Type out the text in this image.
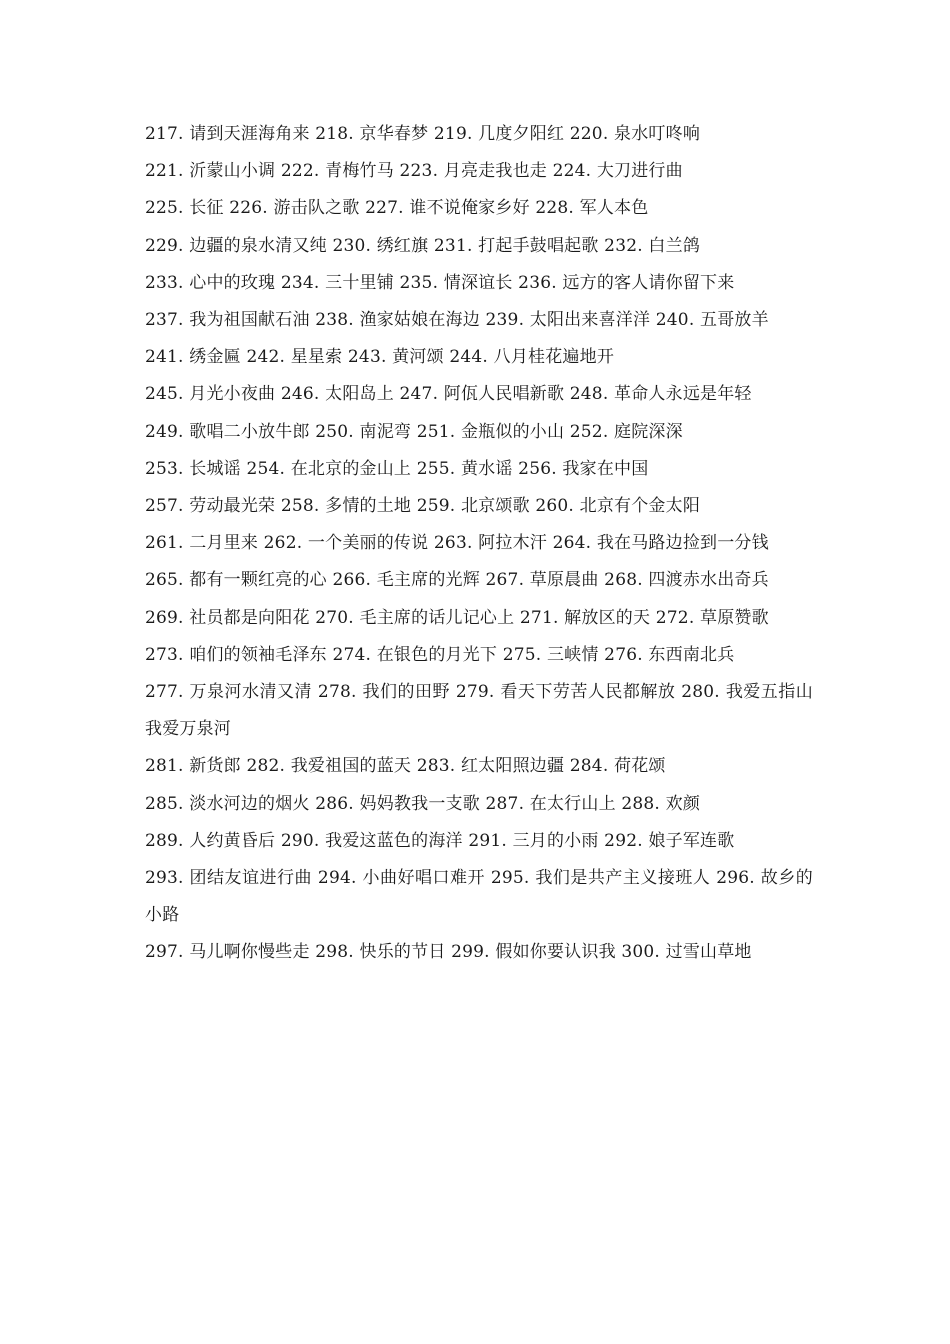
217. 请到天涯海角来 218. 京华春梦 219. 几度夕阳红 220. 泉水叮咚响

221. 沂蒙山小调 222. 青梅竹马 223. 月亮走我也走 224. 大刀进行曲

225. 长征 226. 游击队之歌 227. 谁不说俺家乡好 228. 军人本色

229. 边疆的泉水清又纯 230. 绣红旗 231. 打起手鼓唱起歌 232. 白兰鸽

233. 心中的玫瑰 234. 三十里铺 235. 情深谊长 236. 远方的客人请你留下来

237. 我为祖国献石油 238. 渔家姑娘在海边 239. 太阳出来喜洋洋 240. 五哥放羊

241. 绣金匾 242. 星星索 243. 黄河颂 244. 八月桂花遍地开

245. 月光小夜曲 246. 太阳岛上 247. 阿佤人民唱新歌 248. 革命人永远是年轻

249. 歌唱二小放牛郎 250. 南泥弯 251. 金瓶似的小山 252. 庭院深深

253. 长城谣 254. 在北京的金山上 255. 黄水谣 256. 我家在中国

257. 劳动最光荣 258. 多情的土地 259. 北京颂歌 260. 北京有个金太阳

261. 二月里来 262. 一个美丽的传说 263. 阿拉木汗 264. 我在马路边捡到一分钱

265. 都有一颗红亮的心 266. 毛主席的光辉 267. 草原晨曲 268. 四渡赤水出奇兵

269. 社员都是向阳花 270. 毛主席的话儿记心上 271. 解放区的天 272. 草原赞歌

273. 咱们的领袖毛泽东 274. 在银色的月光下 275. 三峡情 276. 东西南北兵

277. 万泉河水清又清 278. 我们的田野 279. 看天下劳苦人民都解放 280. 我爱五指山我爱万泉河

281. 新货郎 282. 我爱祖国的蓝天 283. 红太阳照边疆 284. 荷花颂

285. 淡水河边的烟火 286. 妈妈教我一支歌 287. 在太行山上 288. 欢颜

289. 人约黄昏后 290. 我爱这蓝色的海洋 291. 三月的小雨 292. 娘子军连歌

293. 团结友谊进行曲 294. 小曲好唱口难开 295. 我们是共产主义接班人 296. 故乡的小路

297. 马儿啊你慢些走 298. 快乐的节日 299. 假如你要认识我 300. 过雪山草地
